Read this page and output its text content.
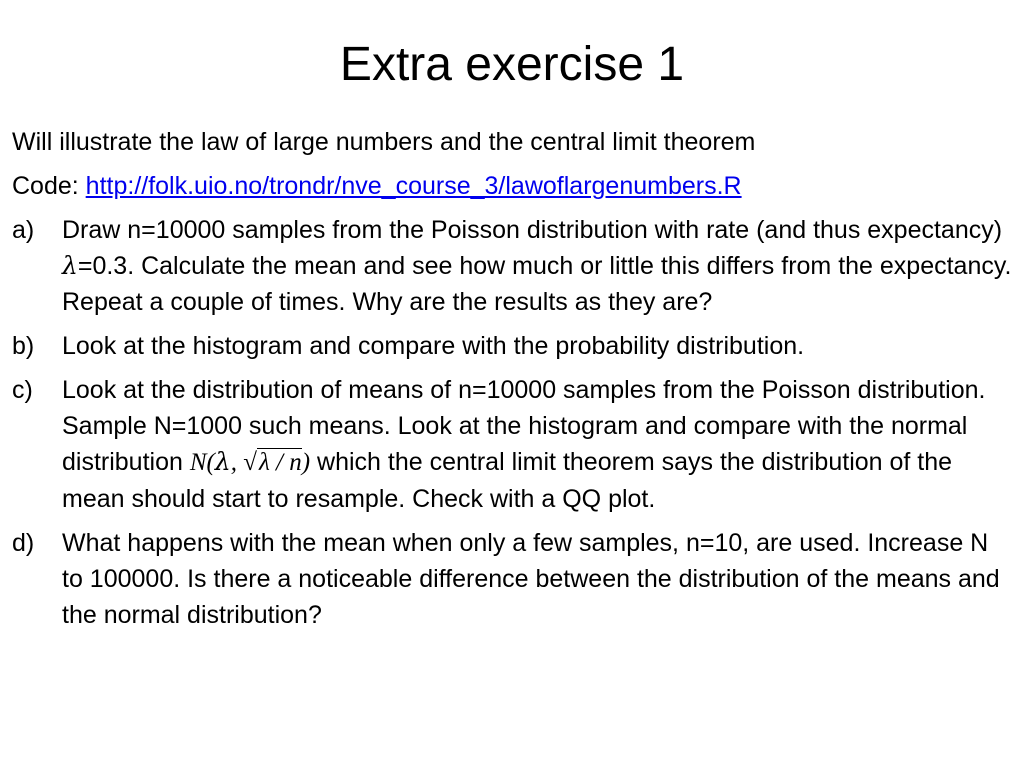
Extra exercise 1

Will illustrate the law of large numbers and the central limit theorem

Code: http://folk.uio.no/trondr/nve_course_3/lawoflargenumbers.R

a)	Draw n=10000 samples from the Poisson distribution with rate (and thus expectancy) λ=0.3. Calculate the mean and see how much or little this differs from the expectancy. Repeat a couple of times. Why are the results as they are?
b)	Look at the histogram and compare with the probability distribution.
c)	Look at the distribution of means of n=10000 samples from the Poisson distribution. Sample N=1000 such means. Look at the histogram and compare with the normal distribution N(λ, √λ / n) which the central limit theorem says the distribution of the mean should start to resample. Check with a QQ plot.
d)	What happens with the mean when only a few samples, n=10, are used. Increase N to 100000. Is there a noticeable difference between the distribution of the means and the normal distribution?
